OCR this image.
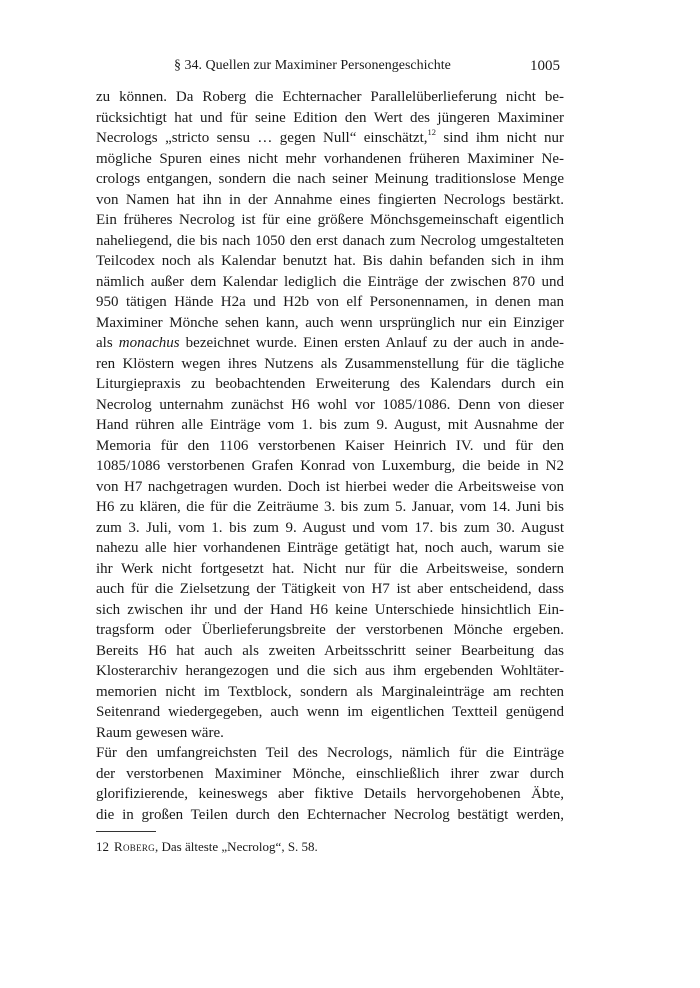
§ 34. Quellen zur Maximiner Personengeschichte	1005
zu können. Da Roberg die Echternacher Parallelüberlieferung nicht be-
rücksichtigt hat und für seine Edition den Wert des jüngeren Maximiner
Necrologs „stricto sensu … gegen Null“ einschätzt,$^{12}$ sind ihm nicht nur
mögliche Spuren eines nicht mehr vorhandenen früheren Maximiner Ne-
crologs entgangen, sondern die nach seiner Meinung traditionslose Menge
von Namen hat ihn in der Annahme eines fingierten Necrologs bestärkt.
Ein früheres Necrolog ist für eine größere Mönchsgemeinschaft eigentlich
naheliegend, die bis nach 1050 den erst danach zum Necrolog umgestalteten
Teilcodex noch als Kalendar benutzt hat. Bis dahin befanden sich in ihm
nämlich außer dem Kalendar lediglich die Einträge der zwischen 870 und
950 tätigen Hände H2a und H2b von elf Personennamen, in denen man
Maximiner Mönche sehen kann, auch wenn ursprünglich nur ein Einziger
als monachus bezeichnet wurde. Einen ersten Anlauf zu der auch in ande-
ren Klöstern wegen ihres Nutzens als Zusammenstellung für die tägliche
Liturgiepraxis zu beobachtenden Erweiterung des Kalendars durch ein
Necrolog unternahm zunächst H6 wohl vor 1085/1086. Denn von dieser
Hand rühren alle Einträge vom 1. bis zum 9. August, mit Ausnahme der
Memoria für den 1106 verstorbenen Kaiser Heinrich IV. und für den
1085/1086 verstorbenen Grafen Konrad von Luxemburg, die beide in N2
von H7 nachgetragen wurden. Doch ist hierbei weder die Arbeitsweise von
H6 zu klären, die für die Zeiträume 3. bis zum 5. Januar, vom 14. Juni bis
zum 3. Juli, vom 1. bis zum 9. August und vom 17. bis zum 30. August
nahezu alle hier vorhandenen Einträge getätigt hat, noch auch, warum sie
ihr Werk nicht fortgesetzt hat. Nicht nur für die Arbeitsweise, sondern
auch für die Zielsetzung der Tätigkeit von H7 ist aber entscheidend, dass
sich zwischen ihr und der Hand H6 keine Unterschiede hinsichtlich Ein-
tragsform oder Überlieferungsbreite der verstorbenen Mönche ergeben.
Bereits H6 hat auch als zweiten Arbeitsschritt seiner Bearbeitung das
Klosterarchiv herangezogen und die sich aus ihm ergebenden Wohltäter-
memorien nicht im Textblock, sondern als Marginaleinträge am rechten
Seitenrand wiedergegeben, auch wenn im eigentlichen Textteil genügend
Raum gewesen wäre.
Für den umfangreichsten Teil des Necrologs, nämlich für die Einträge
der verstorbenen Maximiner Mönche, einschließlich ihrer zwar durch
glorifizierende, keineswegs aber fiktive Details hervorgehobenen Äbte,
die in großen Teilen durch den Echternacher Necrolog bestätigt werden,
12 Roberg, Das älteste „Necrolog“, S. 58.
